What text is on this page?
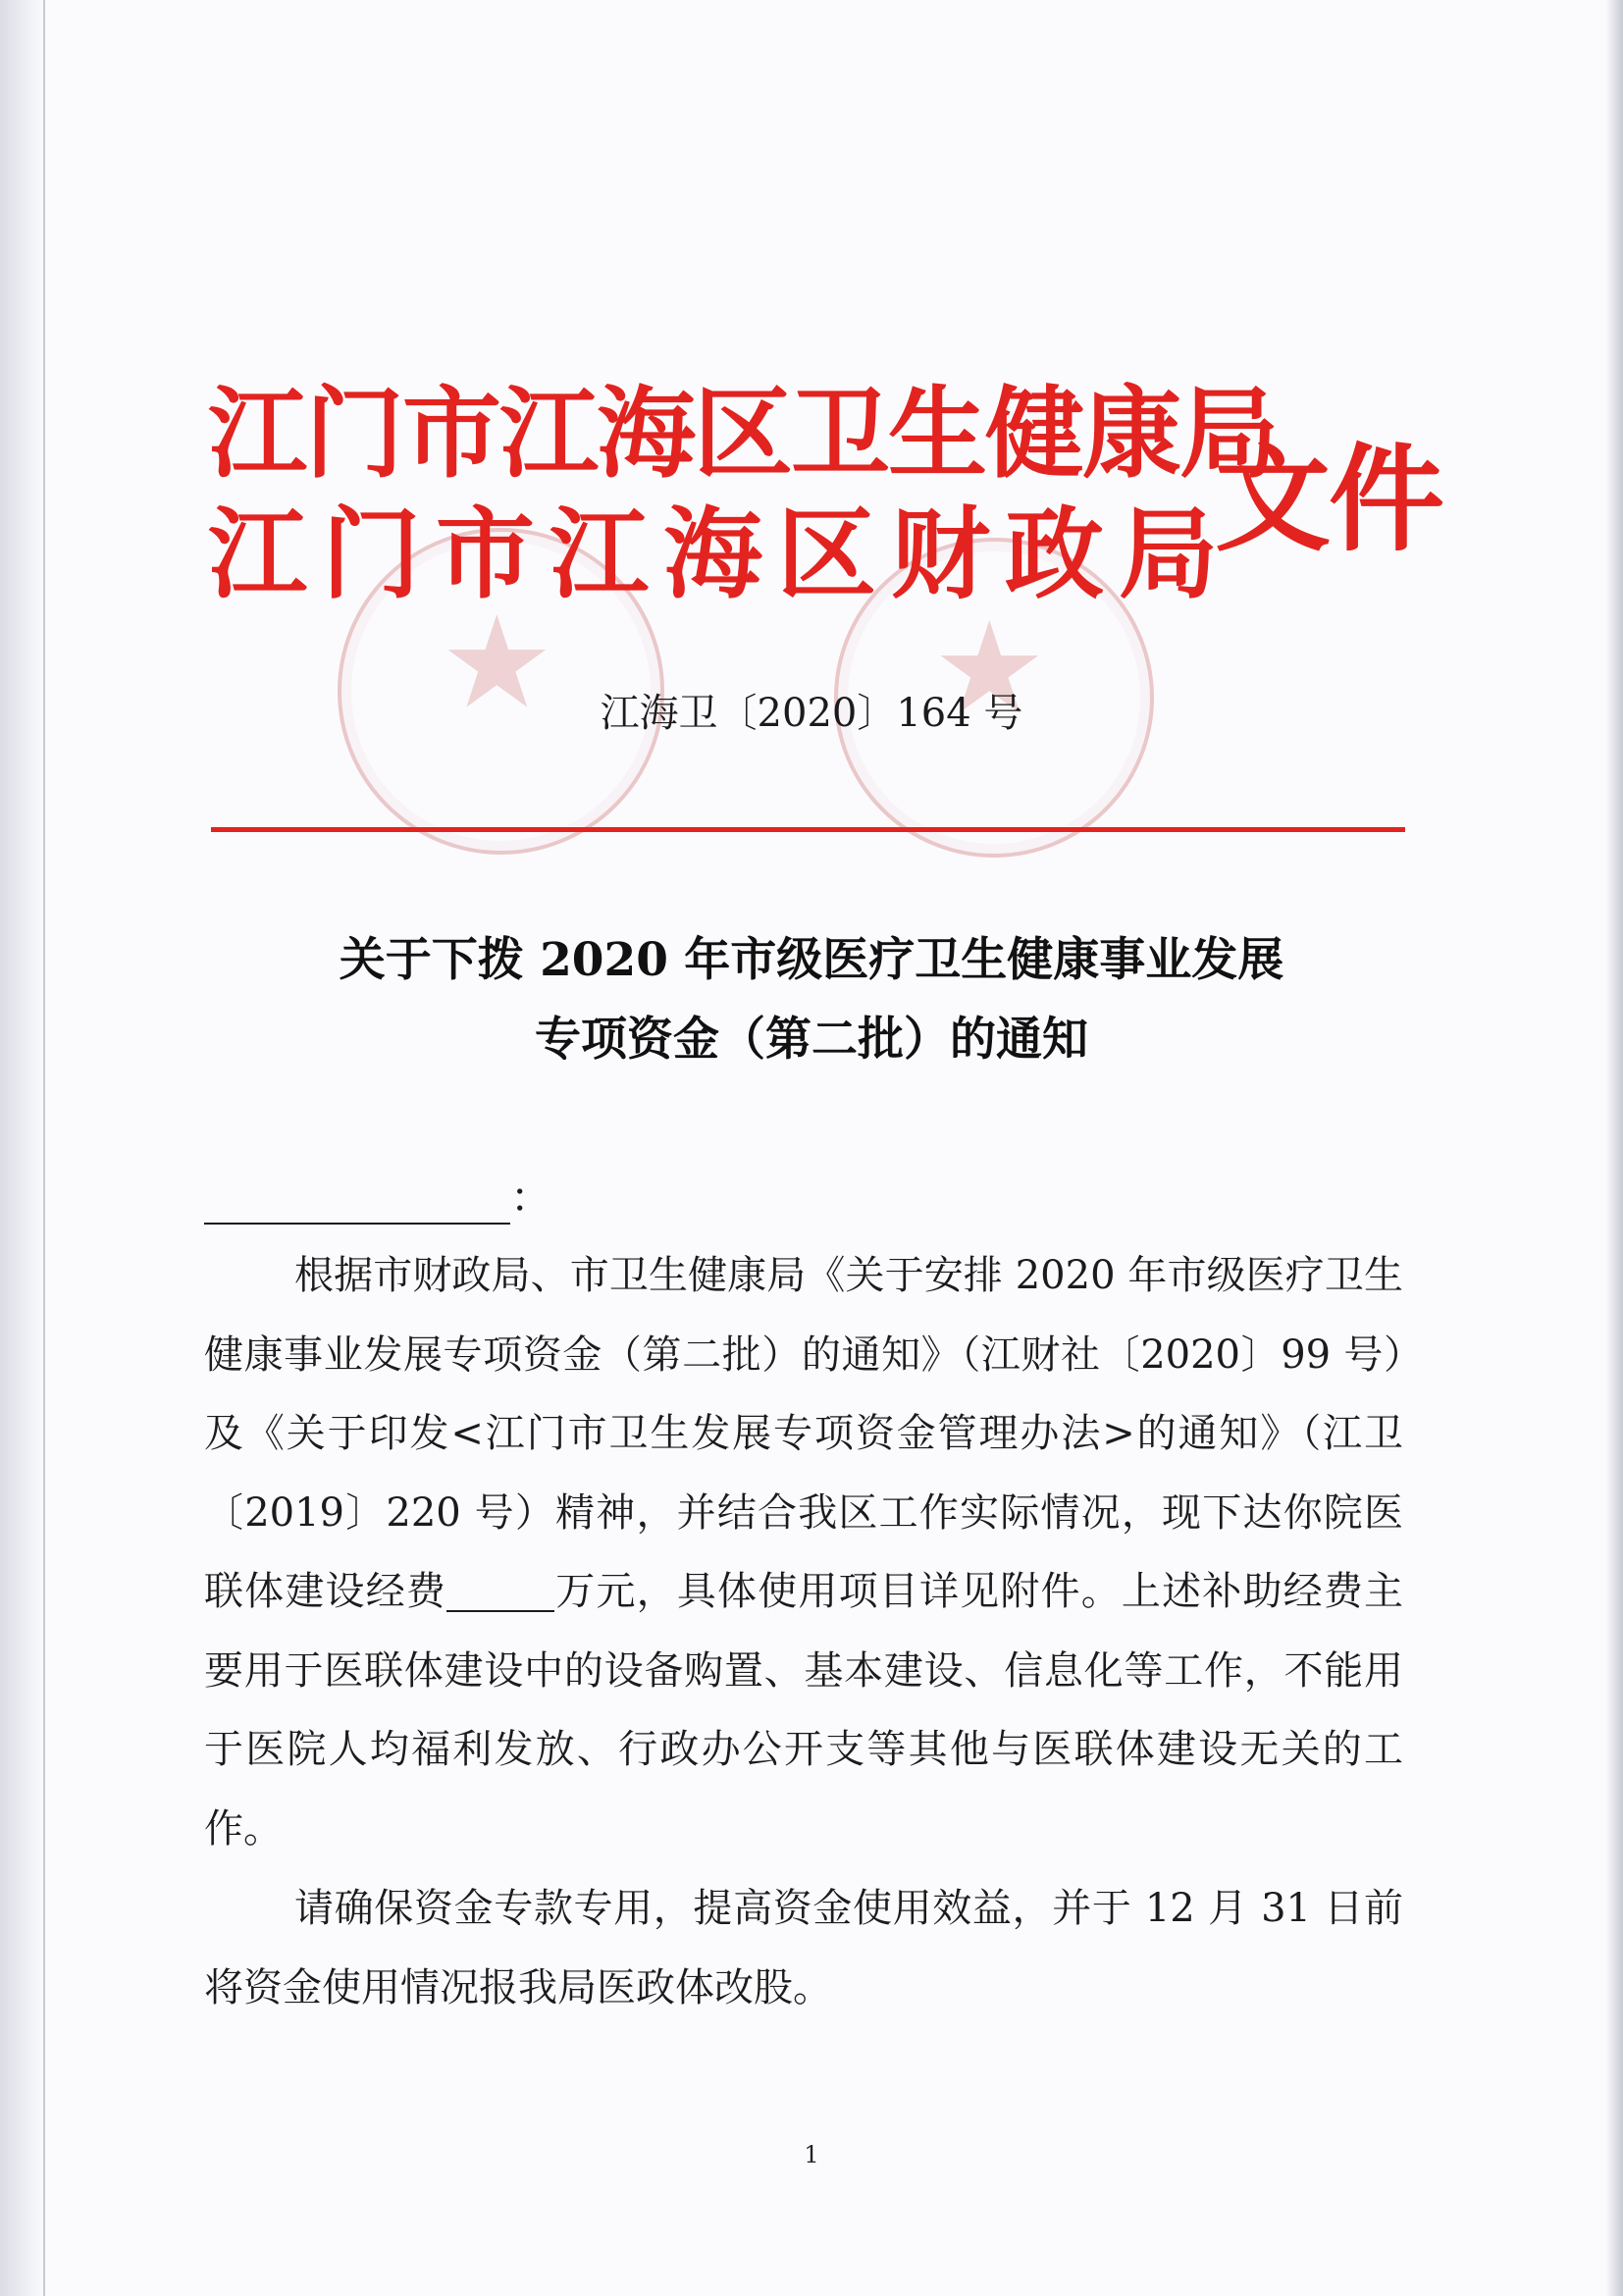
★	★
江门市江海区卫生健康局
江门市江海区财政局
文件
江海卫〔2020〕164 号
关于下拨 2020 年市级医疗卫生健康事业发展
专项资金（第二批）的通知
：
根据市财政局、市卫生健康局《关于安排 2020 年市级医疗卫生健康事业发展专项资金（第二批）的通知》（江财社〔2020〕99 号）及《关于印发<江门市卫生发展专项资金管理办法>的通知》（江卫〔2019〕220 号）精神，并结合我区工作实际情况，现下达你院医联体建设经费	万元，具体使用项目详见附件。上述补助经费主要用于医联体建设中的设备购置、基本建设、信息化等工作，不能用于医院人均福利发放、行政办公开支等其他与医联体建设无关的工作。
请确保资金专款专用，提高资金使用效益，并于 12 月 31 日前将资金使用情况报我局医政体改股。
1
